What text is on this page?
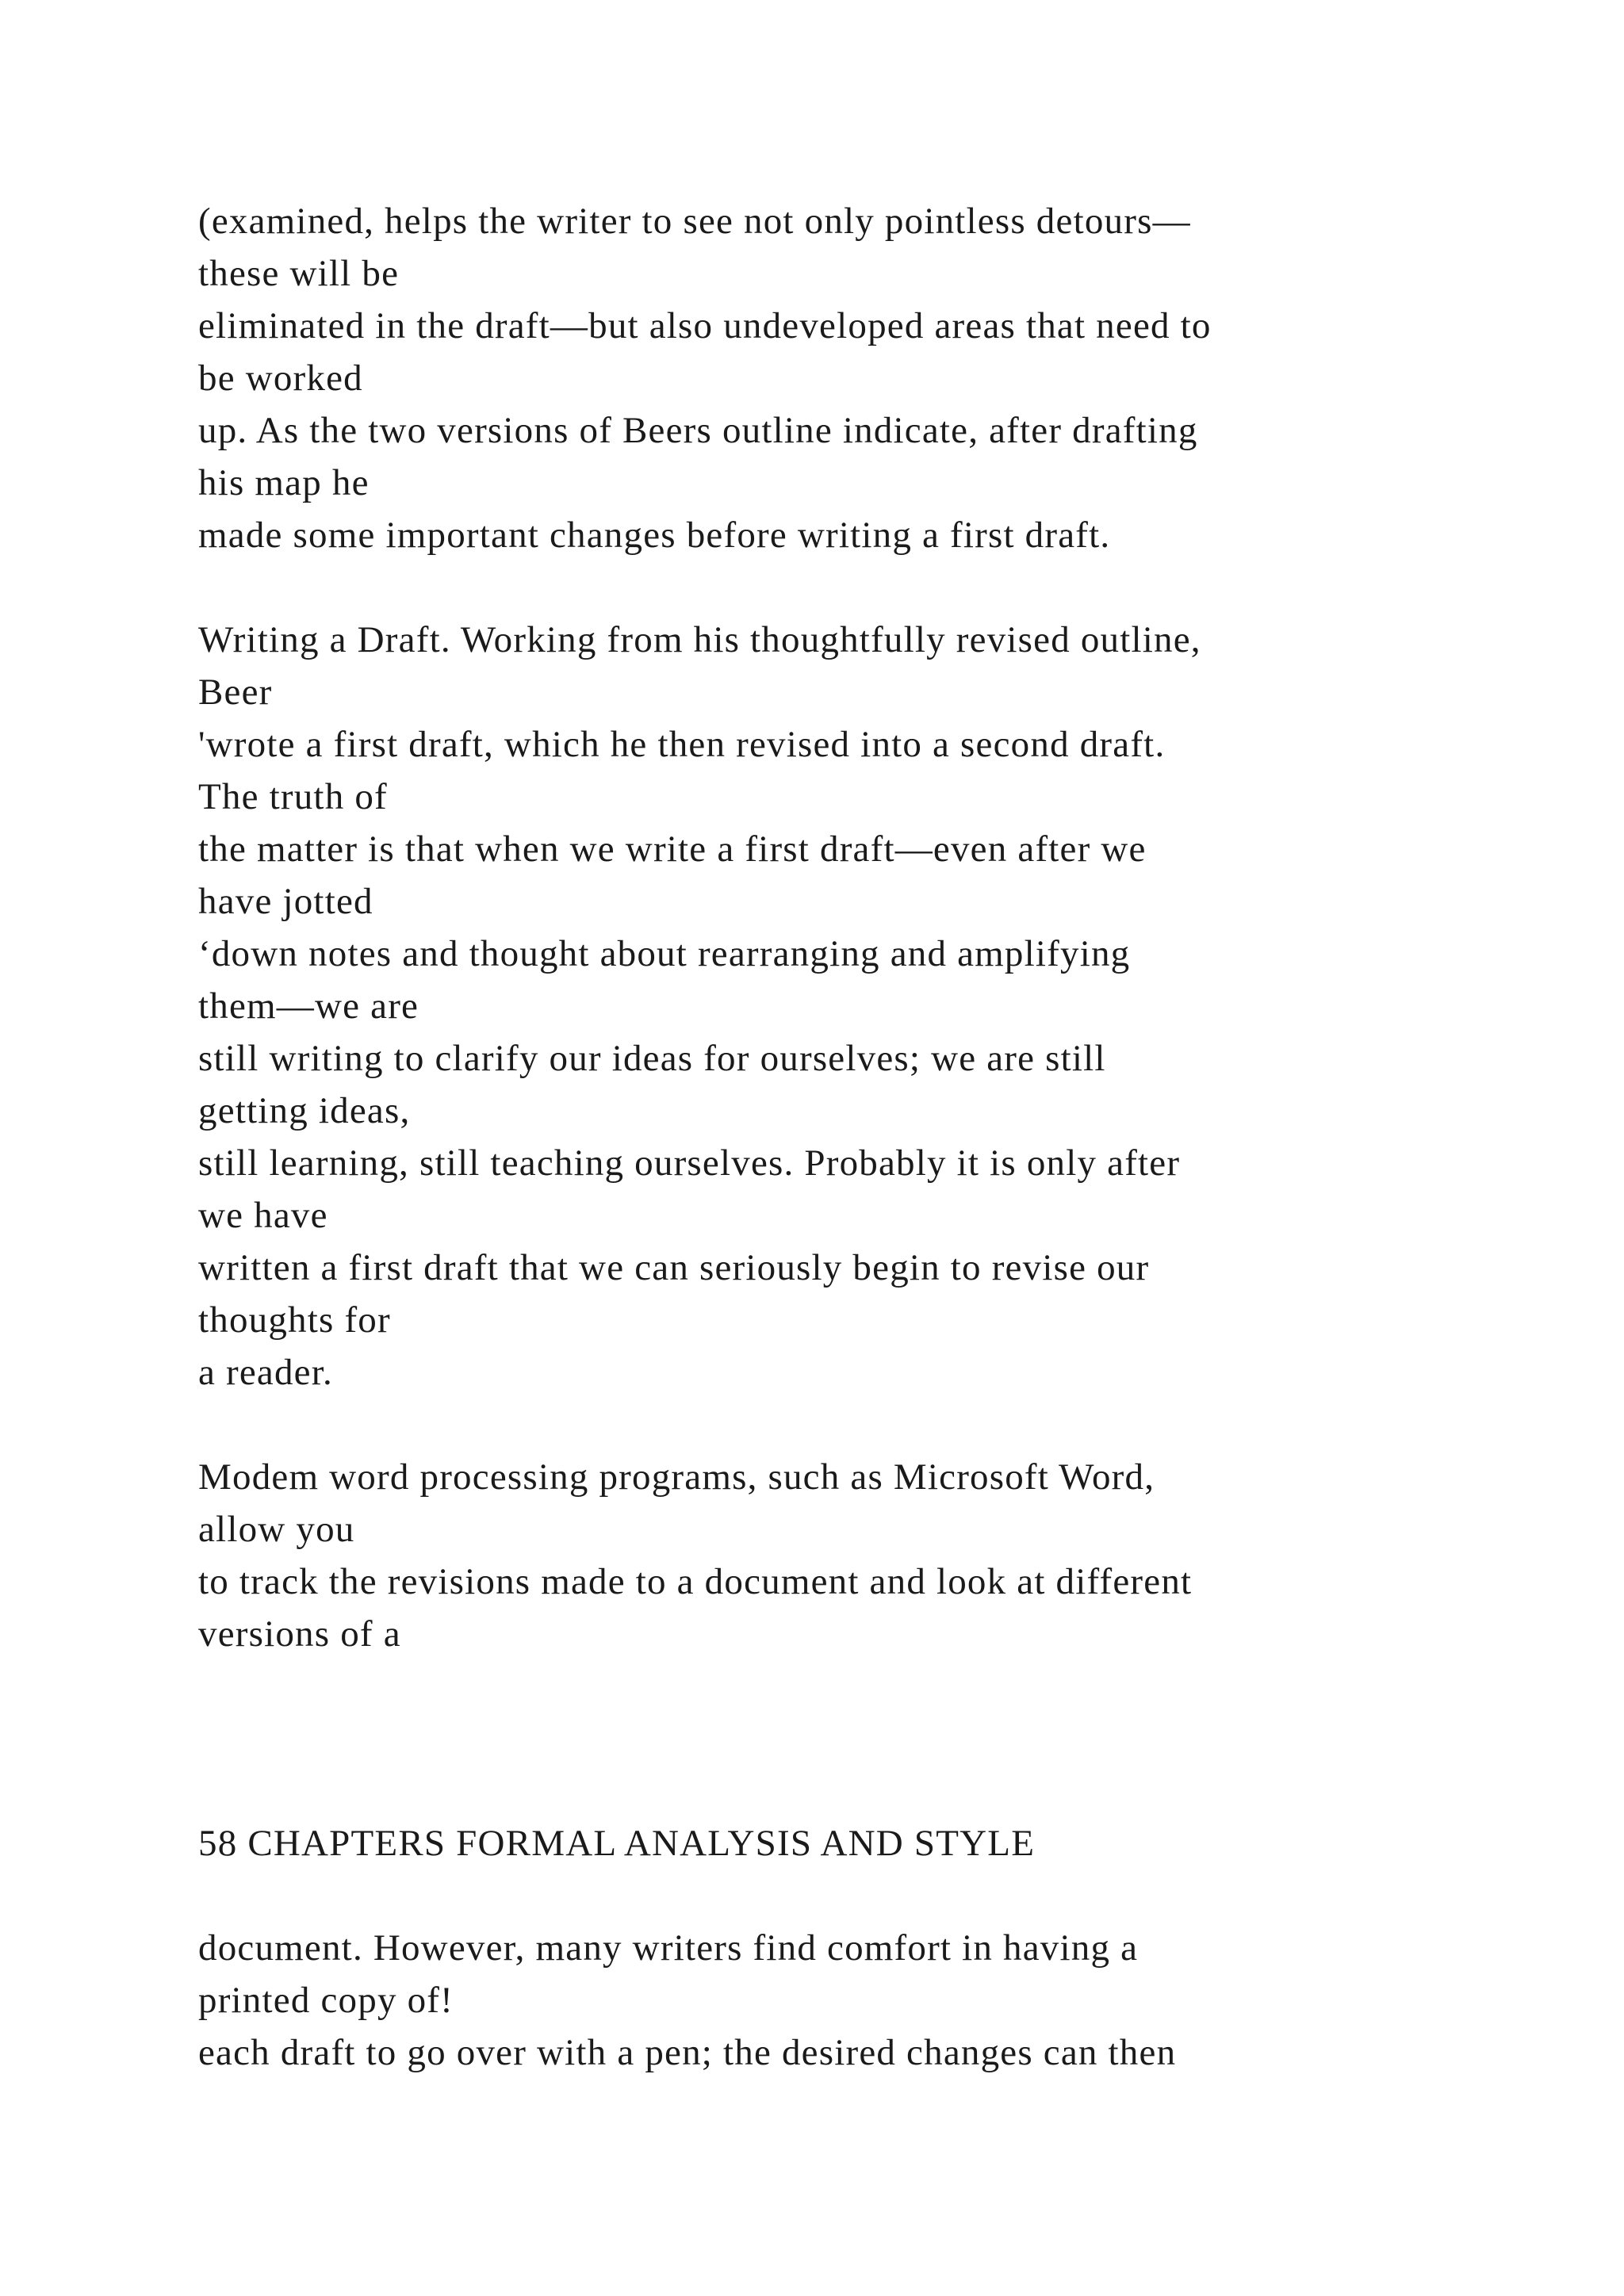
(examined, helps the writer to see not only pointless detours—

these will be

eliminated in the draft—but also undeveloped areas that need to

be worked

up. As the two versions of Beers outline indicate, after drafting

his map he

made some important changes before writing a first draft.

Writing a Draft. Working from his thoughtfully revised outline,

Beer

'wrote a first draft, which he then revised into a second draft.

The truth of

the matter is that when we write a first draft—even after we

have jotted

‘down notes and thought about rearranging and amplifying

them—we are

still writing to clarify our ideas for ourselves; we are still

getting ideas,

still learning, still teaching ourselves. Probably it is only after

we have

written a first draft that we can seriously begin to revise our

thoughts for

a reader.

Modem word processing programs, such as Microsoft Word,

allow you

to track the revisions made to a document and look at different

versions of a

58 CHAPTERS FORMAL ANALYSIS AND STYLE

document. However, many writers find comfort in having a

printed copy of!

each draft to go over with a pen; the desired changes can then
